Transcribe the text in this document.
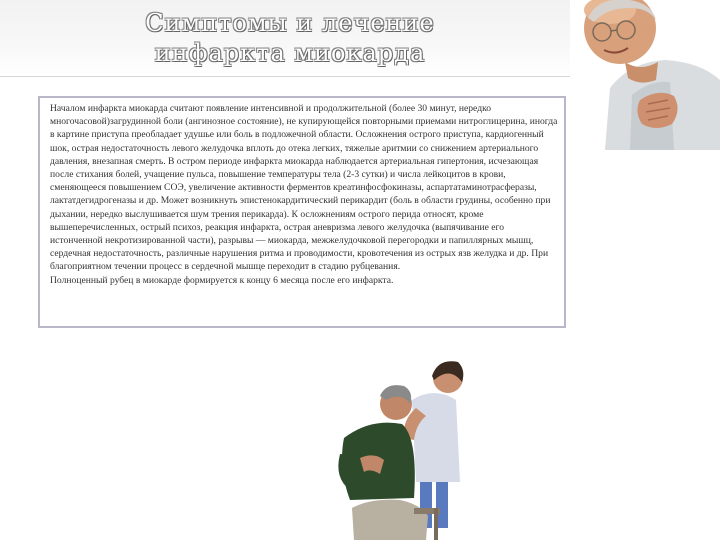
Симптомы и лечение
инфаркта миокарда

Началом инфаркта миокарда считают появление интенсивной и продолжительной (более 30 минут, нередко многочасовой)загрудинной боли (ангинозное состояние), не купирующейся повторными приемами нитроглицерина, иногда в картине приступа преобладает удушье или боль в подложечной области. Осложнения острого приступа, кардиогенный шок, острая недостаточность левого желудочка вплоть до отека легких, тяжелые аритмии со снижением артериального давления, внезапная смерть. В остром периоде инфаркта миокарда наблюдается артериальная гипертония, исчезающая после стихания болей, учащение пульса, повышение температуры тела (2-3 сутки) и числа лейкоцитов в крови, сменяющееся повышением СОЭ, увеличение активности ферментов креатинфосфокиназы, аспартатаминотрасферазы, лактатдегидрогеназы и др. Может возникнуть эпистенокардитический перикардит (боль в области грудины, особенно при дыхании, нередко выслушивается шум трения перикарда). К осложнениям острого перида относят, кроме вышеперечисленных, острый психоз, реакция инфаркта, острая аневризма левого желудочка (выпячивание его истонченной некротизированной части), разрывы — миокарда, межжелудочковой перегородки и папиллярных мышц, сердечная недостаточность, различные нарушения ритма и проводимости, кровотечения из острых язв желудка и др. При благоприятном течении процесс в сердечной мышце переходит в стадию рубцевания.

Полноценный рубец в миокарде формируется к концу 6 месяца после его инфаркта.
